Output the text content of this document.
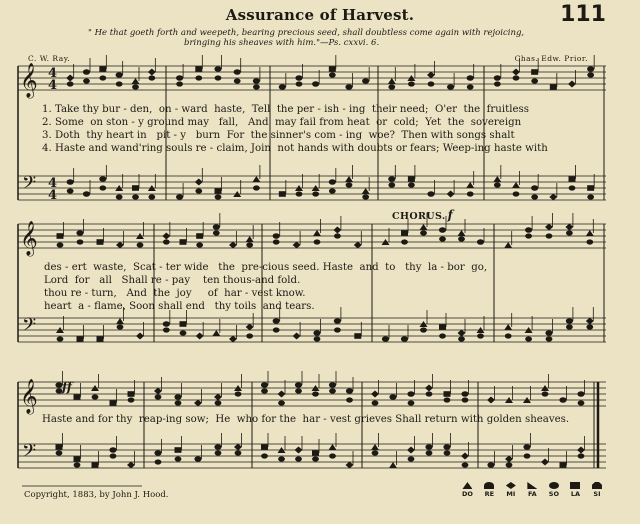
Assurance of Harvest.	111
" He that goeth forth and weepeth, bearing precious seed, shall doubtless come again with rejoicing,
bringing his sheaves with him."—Ps. cxxvi. 6.
C. W. Ray.	Chas. Edw. Prior.
𝄞
𝄢
4
4
4
4
𝄞
𝄢
𝄞
𝄢
1. Take thy bur - den,  on - ward  haste,  Tell  the per - ish - ing  their need;  O'er  the  fruitless
2. Some  on ston - y ground may   fall,   And  may fail from heat  or  cold;  Yet  the  sovereign
3. Doth  thy heart in   pit - y   burn  For  the sinner's com - ing  woe?  Then with songs shalt
4. Haste and wand'ring souls re - claim, Join  not hands with doubts or fears; Weep-ing haste with
CHORUS. f
des - ert  waste,  Scat - ter wide   the  pre-cious seed. Haste  and  to   thy  la - bor  go,
Lord  for   all   Shall re - pay    ten thous-and fold.
thou re - turn,   And  the  joy     of  har - vest know.
heart  a - flame, Soon shall end   thy toils  and tears.
ff
Haste and for thy  reap-ing sow;  He  who for the  har - vest grieves Shall return with golden sheaves.
Copyright, 1883, by John J. Hood.	DO RE MI FA SO LA SI
